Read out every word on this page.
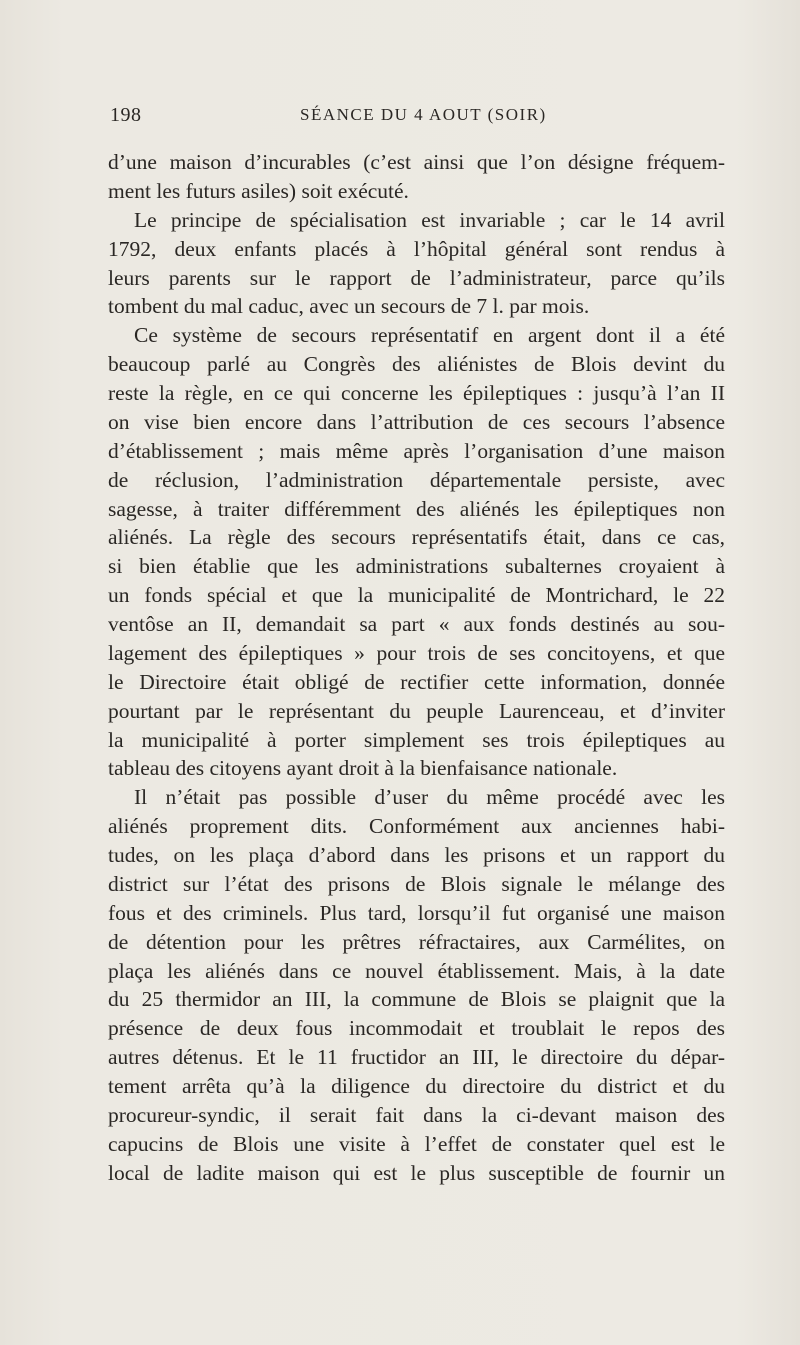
198	SÉANCE DU 4 AOUT (SOIR)
d’une maison d’incurables (c’est ainsi que l’on désigne fréquem-
ment les futurs asiles) soit exécuté.
Le principe de spécialisation est invariable ; car le 14 avril
1792, deux enfants placés à l’hôpital général sont rendus à
leurs parents sur le rapport de l’administrateur, parce qu’ils
tombent du mal caduc, avec un secours de 7 l. par mois.
Ce système de secours représentatif en argent dont il a été
beaucoup parlé au Congrès des aliénistes de Blois devint du
reste la règle, en ce qui concerne les épileptiques : jusqu’à l’an II
on vise bien encore dans l’attribution de ces secours l’absence
d’établissement ; mais même après l’organisation d’une maison
de réclusion, l’administration départementale persiste, avec
sagesse, à traiter différemment des aliénés les épileptiques non
aliénés. La règle des secours représentatifs était, dans ce cas,
si bien établie que les administrations subalternes croyaient à
un fonds spécial et que la municipalité de Montrichard, le 22
ventôse an II, demandait sa part « aux fonds destinés au sou-
lagement des épileptiques » pour trois de ses concitoyens, et que
le Directoire était obligé de rectifier cette information, donnée
pourtant par le représentant du peuple Laurenceau, et d’inviter
la municipalité à porter simplement ses trois épileptiques au
tableau des citoyens ayant droit à la bienfaisance nationale.
Il n’était pas possible d’user du même procédé avec les
aliénés proprement dits. Conformément aux anciennes habi-
tudes, on les plaça d’abord dans les prisons et un rapport du
district sur l’état des prisons de Blois signale le mélange des
fous et des criminels. Plus tard, lorsqu’il fut organisé une maison
de détention pour les prêtres réfractaires, aux Carmélites, on
plaça les aliénés dans ce nouvel établissement. Mais, à la date
du 25 thermidor an III, la commune de Blois se plaignit que la
présence de deux fous incommodait et troublait le repos des
autres détenus. Et le 11 fructidor an III, le directoire du dépar-
tement arrêta qu’à la diligence du directoire du district et du
procureur-syndic, il serait fait dans la ci-devant maison des
capucins de Blois une visite à l’effet de constater quel est le
local de ladite maison qui est le plus susceptible de fournir un
